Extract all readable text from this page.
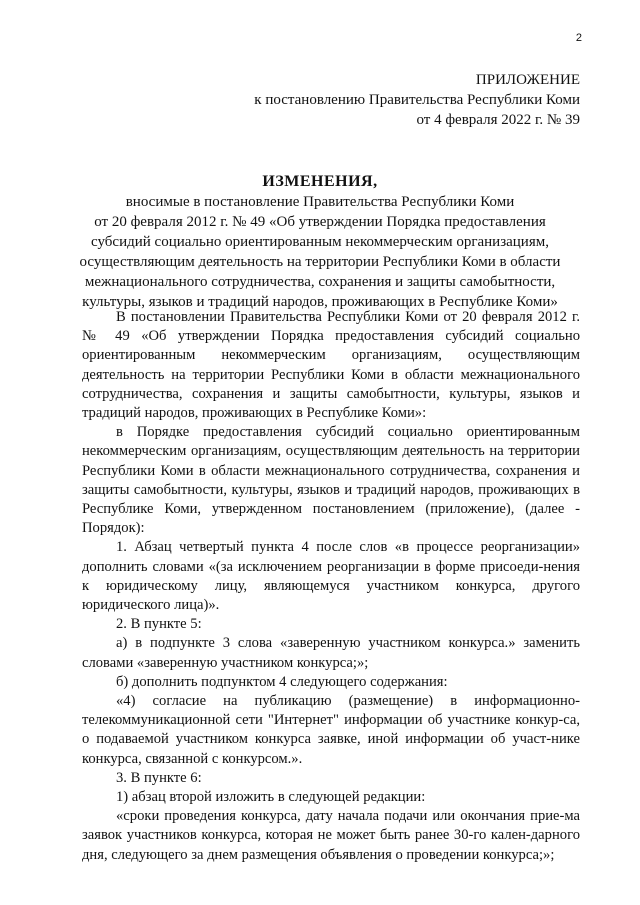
2
ПРИЛОЖЕНИЕ
к постановлению Правительства Республики Коми
от 4 февраля 2022 г. № 39
ИЗМЕНЕНИЯ,
вносимые в постановление Правительства Республики Коми
от 20 февраля 2012 г. № 49 «Об утверждении Порядка предоставления
субсидий социально ориентированным некоммерческим организациям,
осуществляющим деятельность на территории Республики Коми в области
межнационального сотрудничества, сохранения и защиты самобытности,
культуры, языков и традиций народов, проживающих в Республике Коми»

В постановлении Правительства Республики Коми от 20 февраля 2012 г. № 49 «Об утверждении Порядка предоставления субсидий социально ориентированным некоммерческим организациям, осуществляющим деятельность на территории Республики Коми в области межнационального сотрудничества, сохранения и защиты самобытности, культуры, языков и традиций народов, проживающих в Республике Коми»:

в Порядке предоставления субсидий социально ориентированным некоммерческим организациям, осуществляющим деятельность на территории Республики Коми в области межнационального сотрудничества, сохранения и защиты самобытности, культуры, языков и традиций народов, проживающих в Республике Коми, утвержденном постановлением (приложение), (далее - Порядок):

1. Абзац четвертый пункта 4 после слов «в процессе реорганизации» дополнить словами «(за исключением реорганизации в форме присоеди-нения к юридическому лицу, являющемуся участником конкурса, другого юридического лица)».

2. В пункте 5:

а) в подпункте 3 слова «заверенную участником конкурса.» заменить словами «заверенную участником конкурса;»;

б) дополнить подпунктом 4 следующего содержания:

«4) согласие на публикацию (размещение) в информационно-телекоммуникационной сети "Интернет" информации об участнике конкур-са, о подаваемой участником конкурса заявке, иной информации об участ-нике конкурса, связанной с конкурсом.».

3. В пункте 6:

1) абзац второй изложить в следующей редакции:

«сроки проведения конкурса, дату начала подачи или окончания прие-ма заявок участников конкурса, которая не может быть ранее 30-го кален-дарного дня, следующего за днем размещения объявления о проведении конкурса;»;
